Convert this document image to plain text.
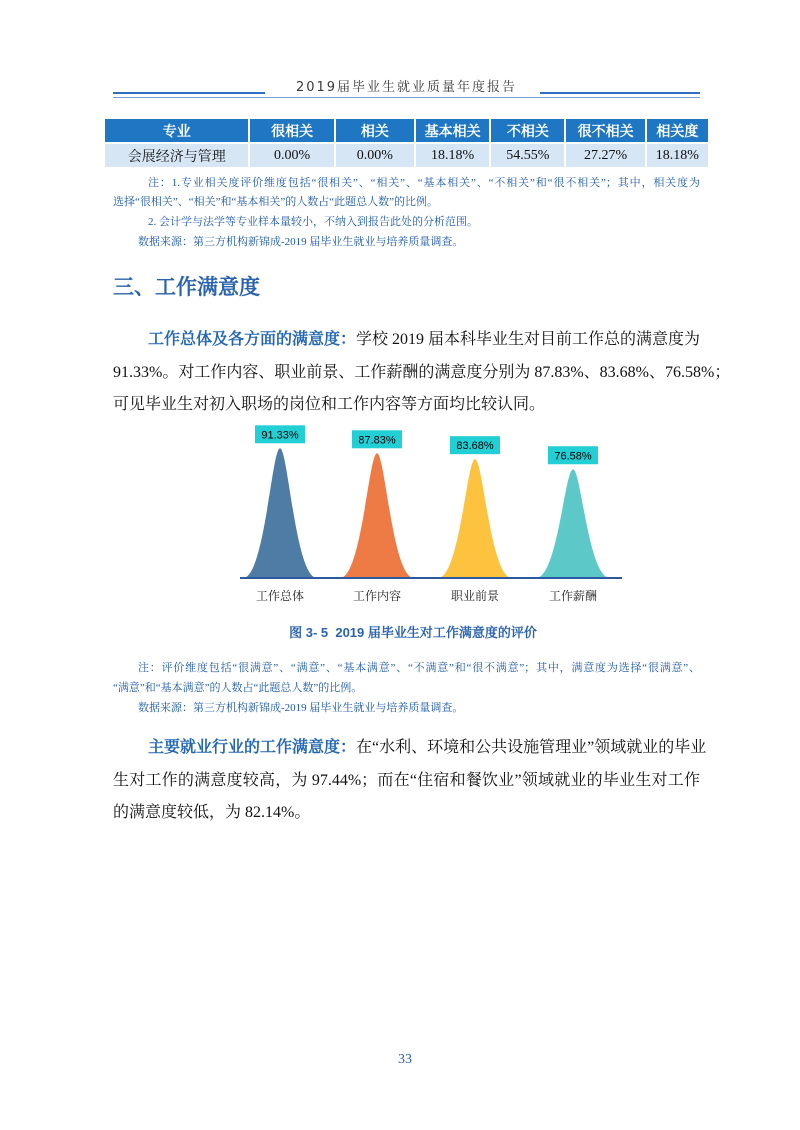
2019届毕业生就业质量年度报告
专业	很相关	相关	基本相关	不相关	很不相关	相关度
会展经济与管理	0.00%	0.00%	18.18%	54.55%	27.27%	18.18%
注：1.专业相关度评价维度包括“很相关”、“相关”、“基本相关”、“不相关”和“很不相关”；其中，相关度为
选择“很相关”、“相关”和“基本相关”的人数占“此题总人数”的比例。
2. 会计学与法学等专业样本量较小，不纳入到报告此处的分析范围。
数据来源：第三方机构新锦成-2019 届毕业生就业与培养质量调查。
三、工作满意度
工作总体及各方面的满意度：学校 2019 届本科毕业生对目前工作总的满意度为
91.33%。对工作内容、职业前景、工作薪酬的满意度分别为 87.83%、83.68%、76.58%；
可见毕业生对初入职场的岗位和工作内容等方面均比较认同。
91.33%	87.83%	83.68%
76.58%
工作总体	工作内容	职业前景	工作薪酬
图 3- 5  2019 届毕业生对工作满意度的评价
注：评价维度包括“很满意”、“满意”、“基本满意”、“不满意”和“很不满意”；其中，满意度为选择“很满意”、
“满意”和“基本满意”的人数占“此题总人数”的比例。
数据来源：第三方机构新锦成-2019 届毕业生就业与培养质量调查。
主要就业行业的工作满意度：在“水利、环境和公共设施管理业”领域就业的毕业
生对工作的满意度较高，为 97.44%；而在“住宿和餐饮业”领域就业的毕业生对工作
的满意度较低，为 82.14%。
33
